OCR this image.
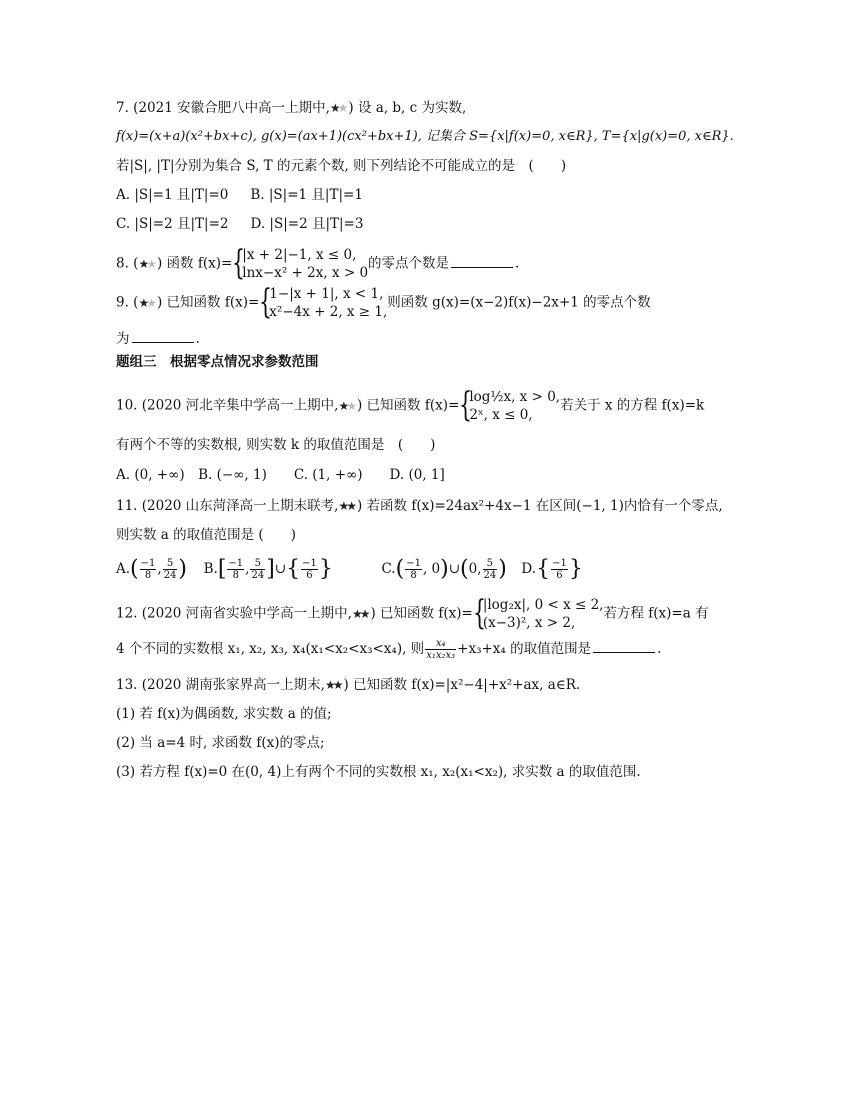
7. (2021 安徽合肥八中高一上期中,★★ ) 设 a, b, c 为实数,
f(x)=(x+a)(x²+bx+c), g(x)=(ax+1)(cx²+bx+1), 记集合 S={x|f(x)=0, x∈R}, T={x|g(x)=0, x∈R}.
若|S|, |T|分别为集合 S, T 的元素个数, 则下列结论不可能成立的是　(　　)
A. |S|=1 且|T|=0 B. |S|=1 且|T|=1
C. |S|=2 且|T|=2 D. |S|=2 且|T|=3
8. (★★ ) 函数 f(x)= {
|x + 2|−1, x ≤ 0,
lnx−x² + 2x, x > 0
的零点个数是	.
9. (★★ ) 已知函数 f(x)= {
1−|x + 1|, x < 1,
x²−4x + 2, x ≥ 1,
则函数 g(x)=(x−2)f(x)−2x+1 的零点个数
为	.
题组三　根据零点情况求参数范围
10. (2020 河北辛集中学高一上期中,★★ ) 已知函数 f(x)= {
log½x, x > 0,
2ˣ, x ≤ 0,
若关于 x 的方程 f(x)=k
有两个不等的实数根, 则实数 k 的取值范围是　(　　)
A. (0, +∞)　B. (−∞, 1)　　C. (1, +∞)　　D. (0, 1]
11. (2020 山东菏泽高一上期末联考,★★ ) 若函数 f(x)=24ax²+4x−1 在区间(−1, 1)内恰有一个零点,
则实数 a 的取值范围是 (　　)
$A.( \frac{-1}{8}$ , $\frac{5}{24}$ ) $B.[ \frac{-1}{8}$ , $\frac{5}{24}$ ]∪{ $\frac{-1}{6}$ }	$C.( \frac{-1}{8}$ , 0)∪(0, $\frac{5}{24}$ ) $D.\{ \frac{-1}{6}$ }
12. (2020 河南省实验中学高一上期中,★★ ) 已知函数 f(x)= {
|log₂x|, 0 < x ≤ 2,
(x−3)², x > 2,
若方程 f(x)=a 有
4 个不同的实数根 x₁, x₂, x₃, x₄(x₁<x₂<x₃<x₄), 则 $\frac{\text{x₄}}{\text{x₁x₂x₃}} +x_3+x_4$ 的取值范围是	.
13. (2020 湖南张家界高一上期末,★★ ) 已知函数 f(x)=|x²−4|+x²+ax, a∈R.
(1) 若 f(x)为偶函数, 求实数 a 的值;
(2) 当 a=4 时, 求函数 f(x)的零点;
(3) 若方程 f(x)=0 在(0, 4)上有两个不同的实数根 x₁, x₂(x₁<x₂), 求实数 a 的取值范围.
